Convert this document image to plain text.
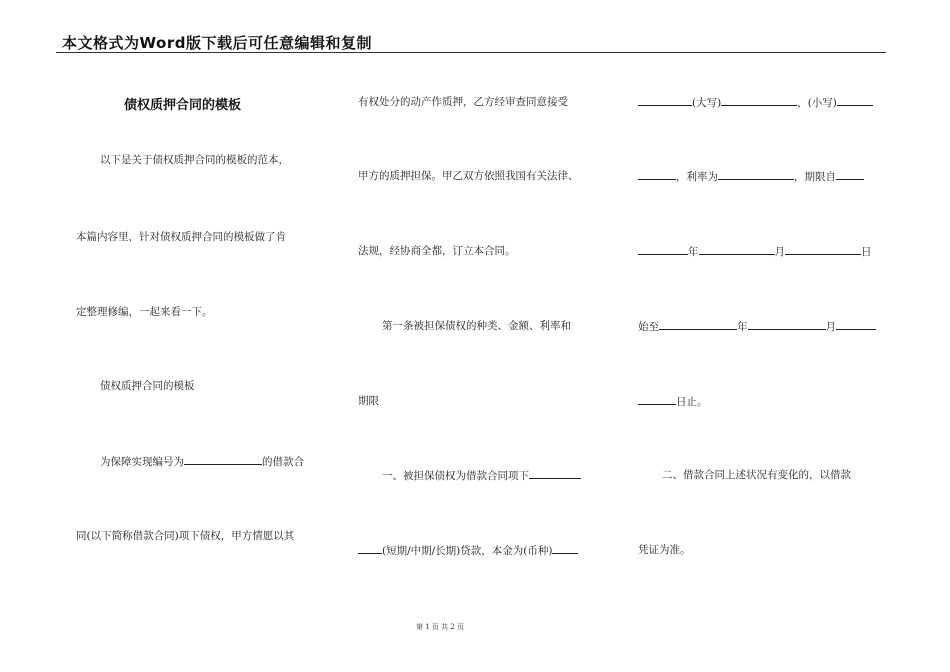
本文格式为Word版下载后可任意编辑和复制
债权质押合同的模板
以下是关于债权质押合同的模板的范本，
本篇内容里，针对债权质押合同的模板做了肯
定整理修编，一起来看一下。
债权质押合同的模板
为保障实现编号为	的借款合
同(以下简称借款合同)项下债权，甲方情愿以其
有权处分的动产作质押，乙方经审查同意接受
甲方的质押担保。甲乙双方依照我国有关法律、
法规，经协商全都，订立本合同。
第一条被担保债权的种类、金额、利率和
期限
一、被担保债权为借款合同项下
(短期/中期/长期)贷款，本金为(币种)
(大写)	，(小写)
，利率为	，期限自
年	月	日
始至	年	月
日止。
二、借款合同上述状况有变化的，以借款
凭证为准。
第 1 页 共 2 页
